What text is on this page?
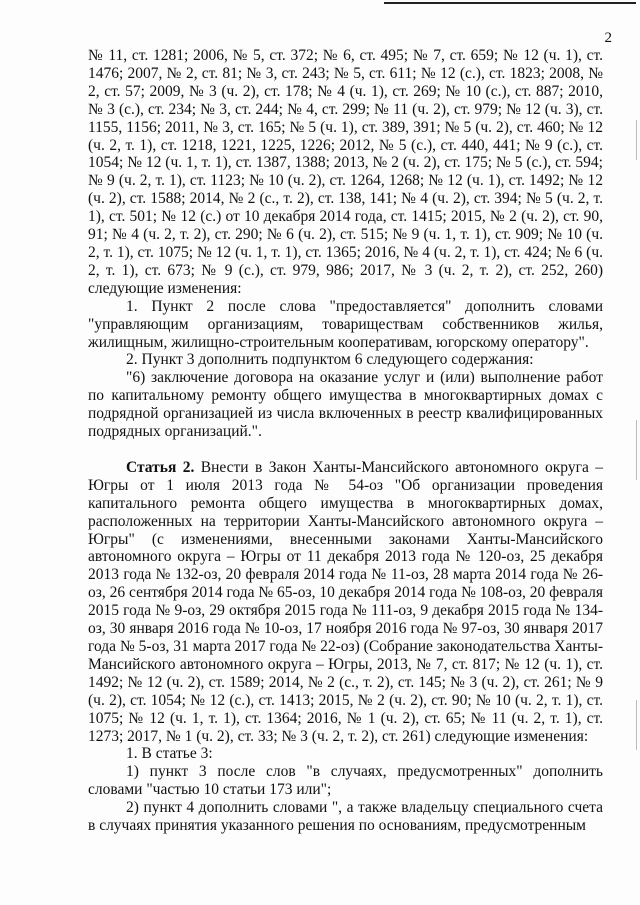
2

№ 11, ст. 1281; 2006, № 5, ст. 372; № 6, ст. 495; № 7, ст. 659; № 12 (ч. 1), ст. 1476; 2007, № 2, ст. 81; № 3, ст. 243; № 5, ст. 611; № 12 (с.), ст. 1823; 2008, № 2, ст. 57; 2009, № 3 (ч. 2), ст. 178; № 4 (ч. 1), ст. 269; № 10 (с.), ст. 887; 2010, № 3 (с.), ст. 234; № 3, ст. 244; № 4, ст. 299; № 11 (ч. 2), ст. 979; № 12 (ч. 3), ст. 1155, 1156; 2011, № 3, ст. 165; № 5 (ч. 1), ст. 389, 391; № 5 (ч. 2), ст. 460; № 12 (ч. 2, т. 1), ст. 1218, 1221, 1225, 1226; 2012, № 5 (с.), ст. 440, 441; № 9 (с.), ст. 1054; № 12 (ч. 1, т. 1), ст. 1387, 1388; 2013, № 2 (ч. 2), ст. 175; № 5 (с.), ст. 594; № 9 (ч. 2, т. 1), ст. 1123; № 10 (ч. 2), ст. 1264, 1268; № 12 (ч. 1), ст. 1492; № 12 (ч. 2), ст. 1588; 2014, № 2 (с., т. 2), ст. 138, 141; № 4 (ч. 2), ст. 394; № 5 (ч. 2, т. 1), ст. 501; № 12 (с.) от 10 декабря 2014 года, ст. 1415; 2015, № 2 (ч. 2), ст. 90, 91; № 4 (ч. 2, т. 2), ст. 290; № 6 (ч. 2), ст. 515; № 9 (ч. 1, т. 1), ст. 909; № 10 (ч. 2, т. 1), ст. 1075; № 12 (ч. 1, т. 1), ст. 1365; 2016, № 4 (ч. 2, т. 1), ст. 424; № 6 (ч. 2, т. 1), ст. 673; № 9 (с.), ст. 979, 986; 2017, № 3 (ч. 2, т. 2), ст. 252, 260) следующие изменения:

1. Пункт 2 после слова "предоставляется" дополнить словами "управляющим организациям, товариществам собственников жилья, жилищным, жилищно-строительным кооперативам, югорскому оператору".

2. Пункт 3 дополнить подпунктом 6 следующего содержания:

"6) заключение договора на оказание услуг и (или) выполнение работ по капитальному ремонту общего имущества в многоквартирных домах с подрядной организацией из числа включенных в реестр квалифицированных подрядных организаций.".

Статья 2. Внести в Закон Ханты-Мансийского автономного округа – Югры от 1 июля 2013 года № 54-оз "Об организации проведения капитального ремонта общего имущества в многоквартирных домах, расположенных на территории Ханты-Мансийского автономного округа – Югры" (с изменениями, внесенными законами Ханты-Мансийского автономного округа – Югры от 11 декабря 2013 года № 120-оз, 25 декабря 2013 года № 132-оз, 20 февраля 2014 года № 11-оз, 28 марта 2014 года № 26-оз, 26 сентября 2014 года № 65-оз, 10 декабря 2014 года № 108-оз, 20 февраля 2015 года № 9-оз, 29 октября 2015 года № 111-оз, 9 декабря 2015 года № 134-оз, 30 января 2016 года № 10-оз, 17 ноября 2016 года № 97-оз, 30 января 2017 года № 5-оз, 31 марта 2017 года № 22-оз) (Собрание законодательства Ханты-Мансийского автономного округа – Югры, 2013, № 7, ст. 817; № 12 (ч. 1), ст. 1492; № 12 (ч. 2), ст. 1589; 2014, № 2 (с., т. 2), ст. 145; № 3 (ч. 2), ст. 261; № 9 (ч. 2), ст. 1054; № 12 (с.), ст. 1413; 2015, № 2 (ч. 2), ст. 90; № 10 (ч. 2, т. 1), ст. 1075; № 12 (ч. 1, т. 1), ст. 1364; 2016, № 1 (ч. 2), ст. 65; № 11 (ч. 2, т. 1), ст. 1273; 2017, № 1 (ч. 2), ст. 33; № 3 (ч. 2, т. 2), ст. 261) следующие изменения:

1. В статье 3:

1) пункт 3 после слов "в случаях, предусмотренных" дополнить словами "частью 10 статьи 173 или";

2) пункт 4 дополнить словами ", а также владельцу специального счета в случаях принятия указанного решения по основаниям, предусмотренным
